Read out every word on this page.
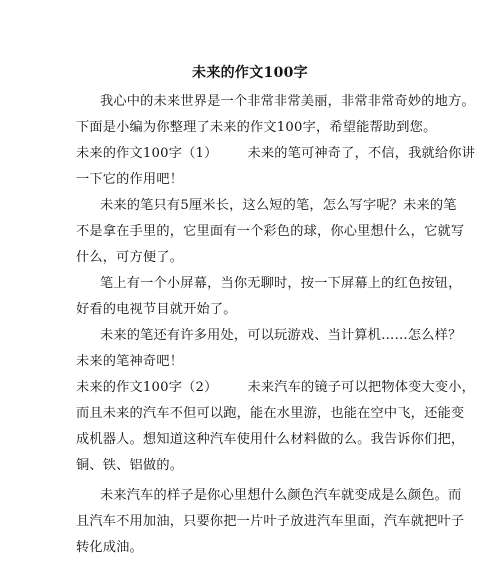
未来的作文100字
我心中的未来世界是一个非常非常美丽，非常非常奇妙的地方。
下面是小编为你整理了未来的作文100字，希望能帮助到您。
未来的作文100字（1） 未来的笔可神奇了，不信，我就给你讲
一下它的作用吧！
未来的笔只有5厘米长，这么短的笔，怎么写字呢？未来的笔
不是拿在手里的，它里面有一个彩色的球，你心里想什么，它就写
什么，可方便了。
笔上有一个小屏幕，当你无聊时，按一下屏幕上的红色按钮，
好看的电视节目就开始了。
未来的笔还有许多用处，可以玩游戏、当计算机……怎么样？
未来的笔神奇吧！
未来的作文100字（2） 未来汽车的镜子可以把物体变大变小，
而且未来的汽车不但可以跑，能在水里游，也能在空中飞，还能变
成机器人。想知道这种汽车使用什么材料做的么。我告诉你们把，
铜、铁、铝做的。
未来汽车的样子是你心里想什么颜色汽车就变成是么颜色。而
且汽车不用加油，只要你把一片叶子放进汽车里面，汽车就把叶子
转化成油。
